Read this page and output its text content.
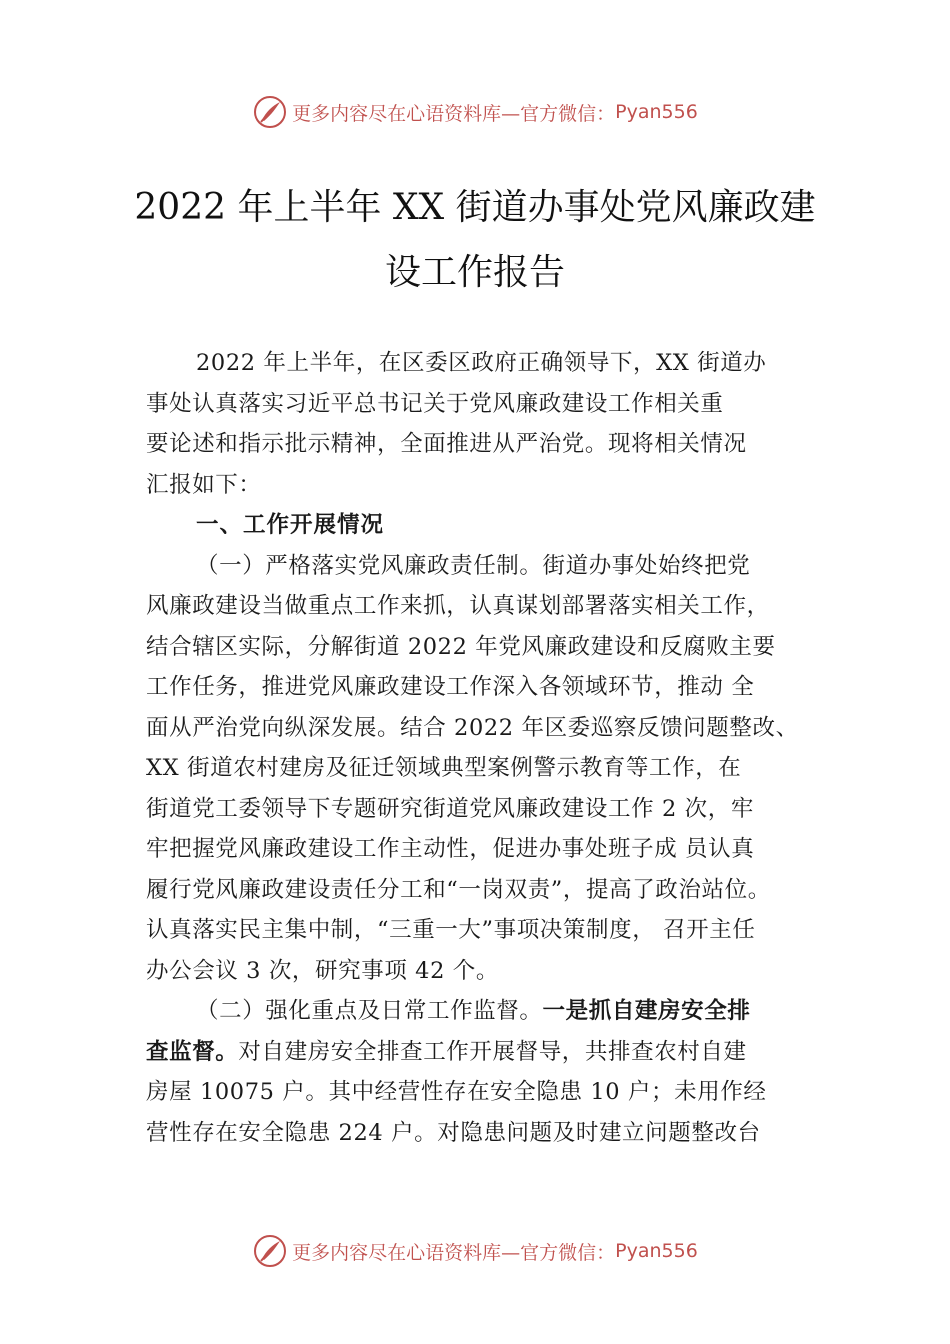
更多内容尽在心语资料库—官方微信： Pyan556
2022 年上半年 XX 街道办事处党风廉政建
设工作报告
2022 年上半年，在区委区政府正确领导下，XX 街道办
事处认真落实习近平总书记关于党风廉政建设工作相关重
要论述和指示批示精神，全面推进从严治党。现将相关情况
汇报如下：
一、工作开展情况
（一）严格落实党风廉政责任制。街道办事处始终把党
风廉政建设当做重点工作来抓，认真谋划部署落实相关工作，
结合辖区实际，分解街道 2022 年党风廉政建设和反腐败主要
工作任务，推进党风廉政建设工作深入各领域环节，推动 全
面从严治党向纵深发展。结合 2022 年区委巡察反馈问题整改、
XX 街道农村建房及征迁领域典型案例警示教育等工作，在
街道党工委领导下专题研究街道党风廉政建设工作 2 次，牢
牢把握党风廉政建设工作主动性，促进办事处班子成 员认真
履行党风廉政建设责任分工和“一岗双责”，提高了政治站位。
认真落实民主集中制，“三重一大”事项决策制度， 召开主任
办公会议 3 次，研究事项 42 个。
（二）强化重点及日常工作监督。一是抓自建房安全排
查监督。对自建房安全排查工作开展督导，共排查农村自建
房屋 10075 户。其中经营性存在安全隐患 10 户；未用作经
营性存在安全隐患 224 户。对隐患问题及时建立问题整改台
更多内容尽在心语资料库—官方微信： Pyan556
